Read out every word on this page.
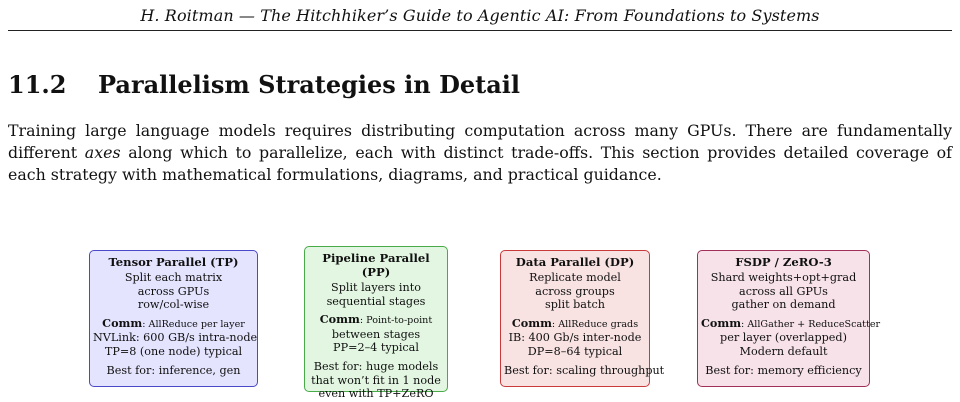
H. Roitman — The Hitchhiker’s Guide to Agentic AI: From Foundations to Systems
11.2 Parallelism Strategies in Detail

Training large language models requires distributing computation across many GPUs. There are fundamentally different axes along which to parallelize, each with distinct trade-offs. This section provides detailed coverage of each strategy with mathematical formulations, diagrams, and practical guidance.

Tensor Parallel (TP)
Split each matrix
across GPUs
row/col-wise
Comm: AllReduce per layer
NVLink: 600 GB/s intra-node
TP=8 (one node) typical
Best for: inference, gen
Pipeline Parallel (PP)
Split layers into
sequential stages
Comm: Point-to-point
between stages
PP=2–4 typical
Best for: huge models
that won’t fit in 1 node
even with TP+ZeRO
Data Parallel (DP)
Replicate model
across groups
split batch
Comm: AllReduce grads
IB: 400 Gb/s inter-node
DP=8–64 typical
Best for: scaling throughput
FSDP / ZeRO-3
Shard weights+opt+grad
across all GPUs
gather on demand
Comm: AllGather + ReduceScatter
per layer (overlapped)
Modern default
Best for: memory efficiency
